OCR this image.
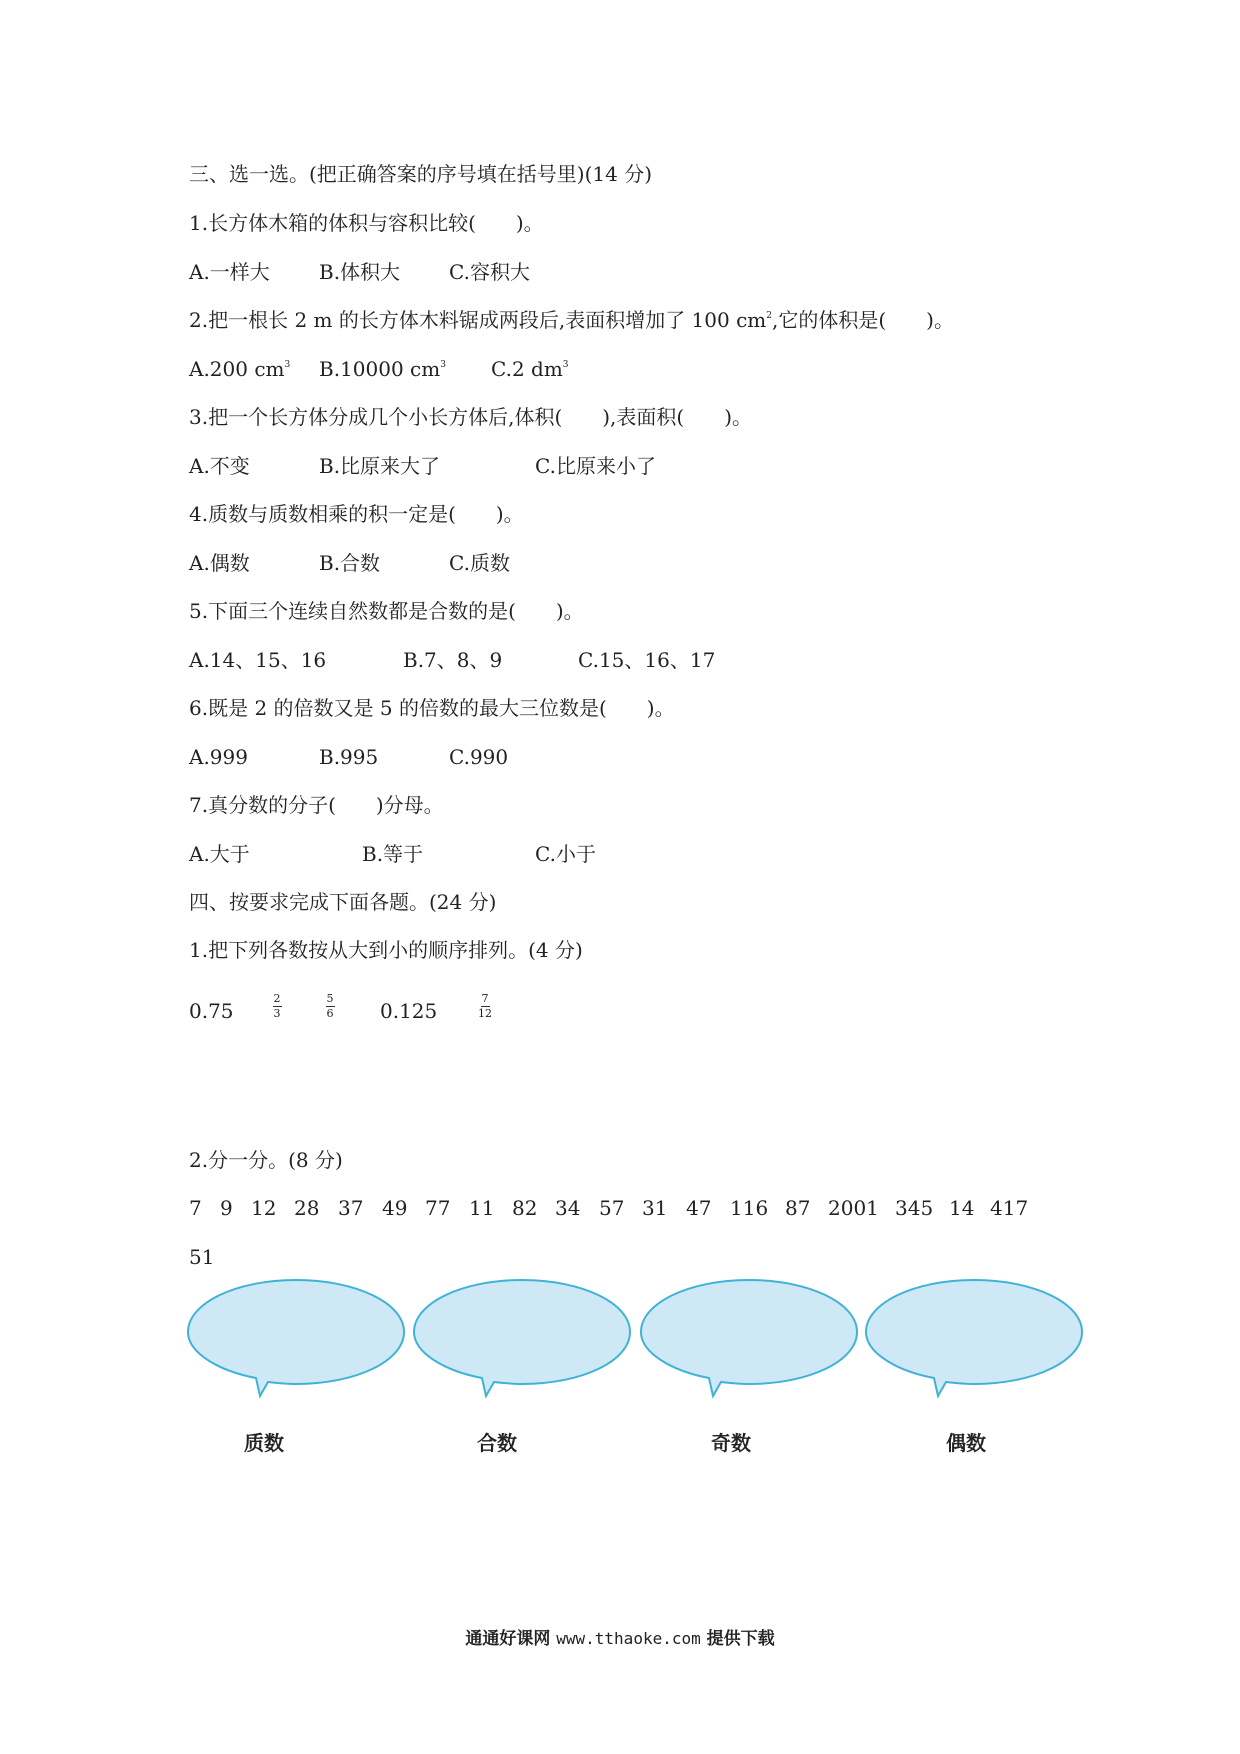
三、选一选。(把正确答案的序号填在括号里)(14 分)
1.长方体木箱的体积与容积比较(　　)。

A.一样大

B.体积大

C.容积大

2.把一根长 2 m 的长方体木料锯成两段后,表面积增加了 100 $cm^2$,它的体积是(　　)。

A.200 $cm^3$

B.10000 $cm^3$

C.2 $dm^3$

3.把一个长方体分成几个小长方体后,体积(　　),表面积(　　)。

A.不变

	B.比原来大了

	C.比原来小了

4.质数与质数相乘的积一定是(　　)。

A.偶数

	B.合数

	C.质数

5.下面三个连续自然数都是合数的是(　　)。

A.14、15、16

	B.7、8、9

	C.15、16、17

6.既是 2 的倍数又是 5 的倍数的最大三位数是(　　)。

A.999

	B.995

	C.990

7.真分数的分子(　　)分母。

A.大于

	B.等于

	C.小于

四、按要求完成下面各题。(24 分)
1.把下列各数按从大到小的顺序排列。(4 分)
0.75
2
3
5
6 0.125
7
12
2.分一分。(8 分)

7

9

12

28

37

49

77

11

82

34

57

31

47

116

87

2001

345

14

417

51
质数	合数	奇数	偶数
通通好课网 www.tthaoke.com 提供下载
